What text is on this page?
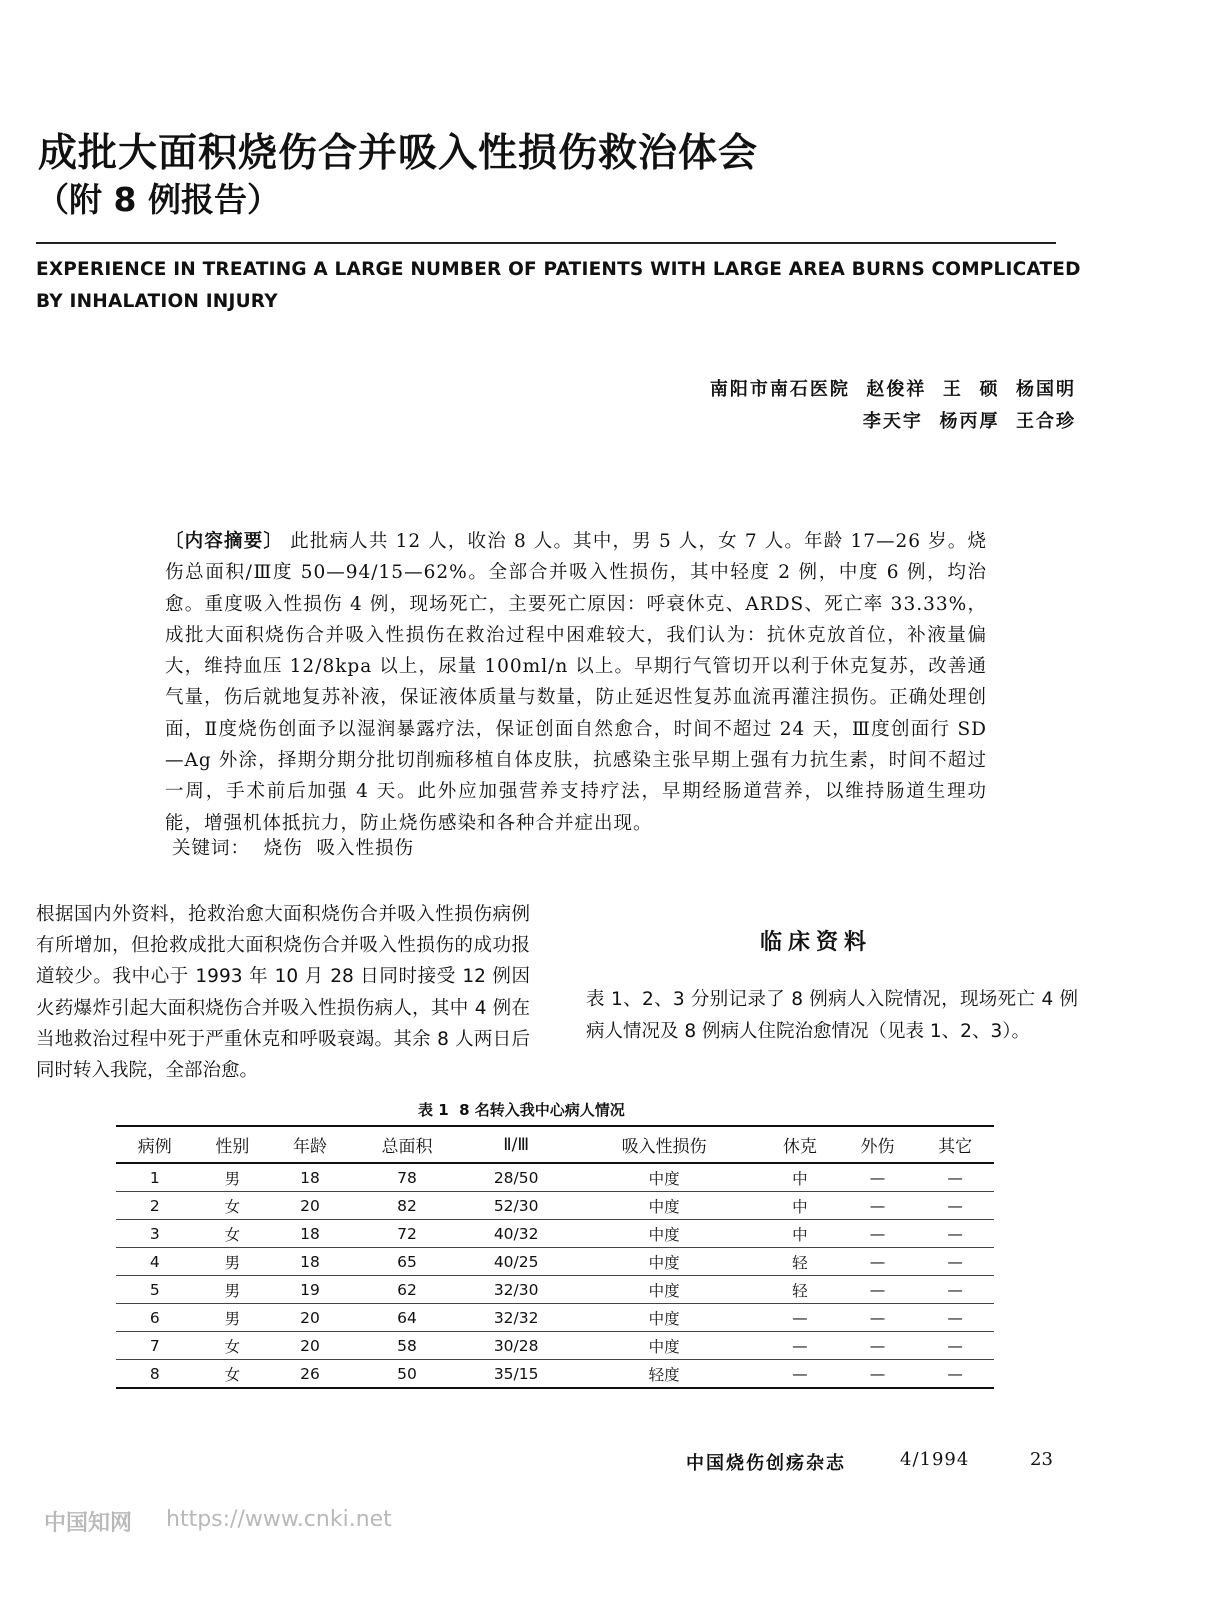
成批大面积烧伤合并吸入性损伤救治体会
（附 8 例报告）
EXPERIENCE IN TREATING A LARGE NUMBER OF PATIENTS WITH LARGE AREA BURNS COMPLICATED BY INHALATION INJURY
南阳市南石医院  赵俊祥  王  硕  杨国明
李天宇  杨丙厚  王合珍
〔内容摘要〕 此批病人共 12 人，收治 8 人。其中，男 5 人，女 7 人。年龄 17—26 岁。烧伤总面积/Ⅲ度 50—94/15—62%。全部合并吸入性损伤，其中轻度 2 例，中度 6 例，均治愈。重度吸入性损伤 4 例，现场死亡，主要死亡原因：呼衰休克、ARDS、死亡率 33.33%，成批大面积烧伤合并吸入性损伤在救治过程中困难较大，我们认为：抗休克放首位，补液量偏大，维持血压 12/8kpa 以上，尿量 100ml/n 以上。早期行气管切开以利于休克复苏，改善通气量，伤后就地复苏补液，保证液体质量与数量，防止延迟性复苏血流再灌注损伤。正确处理创面，Ⅱ度烧伤创面予以湿润暴露疗法，保证创面自然愈合，时间不超过 24 天，Ⅲ度创面行 SD—Ag 外涂，择期分期分批切削痂移植自体皮肤，抗感染主张早期上强有力抗生素，时间不超过一周，手术前后加强 4 天。此外应加强营养支持疗法，早期经肠道营养，以维持肠道生理功能，增强机体抵抗力，防止烧伤感染和各种合并症出现。
关键词：  烧伤  吸入性损伤
根据国内外资料，抢救治愈大面积烧伤合并吸入性损伤病例有所增加，但抢救成批大面积烧伤合并吸入性损伤的成功报道较少。我中心于 1993 年 10 月 28 日同时接受 12 例因火药爆炸引起大面积烧伤合并吸入性损伤病人，其中 4 例在当地救治过程中死于严重休克和呼吸衰竭。其余 8 人两日后同时转入我院，全部治愈。
临床资料
表 1、2、3 分别记录了 8 例病人入院情况，现场死亡 4 例病人情况及 8 例病人住院治愈情况（见表 1、2、3）。
表 1  8 名转入我中心病人情况
病例	性别	年龄	总面积	Ⅱ/Ⅲ	吸入性损伤	休克	外伤	其它
1	男	18	78	28/50	中度	中	—	—
2	女	20	82	52/30	中度	中	—	—
3	女	18	72	40/32	中度	中	—	—
4	男	18	65	40/25	中度	轻	—	—
5	男	19	62	32/30	中度	轻	—	—
6	男	20	64	32/32	中度	—	—	—
7	女	20	58	30/28	中度	—	—	—
8	女	26	50	35/15	轻度	—	—	—
中国烧伤创疡杂志	4/1994	23
中国知网 https://www.cnki.net
